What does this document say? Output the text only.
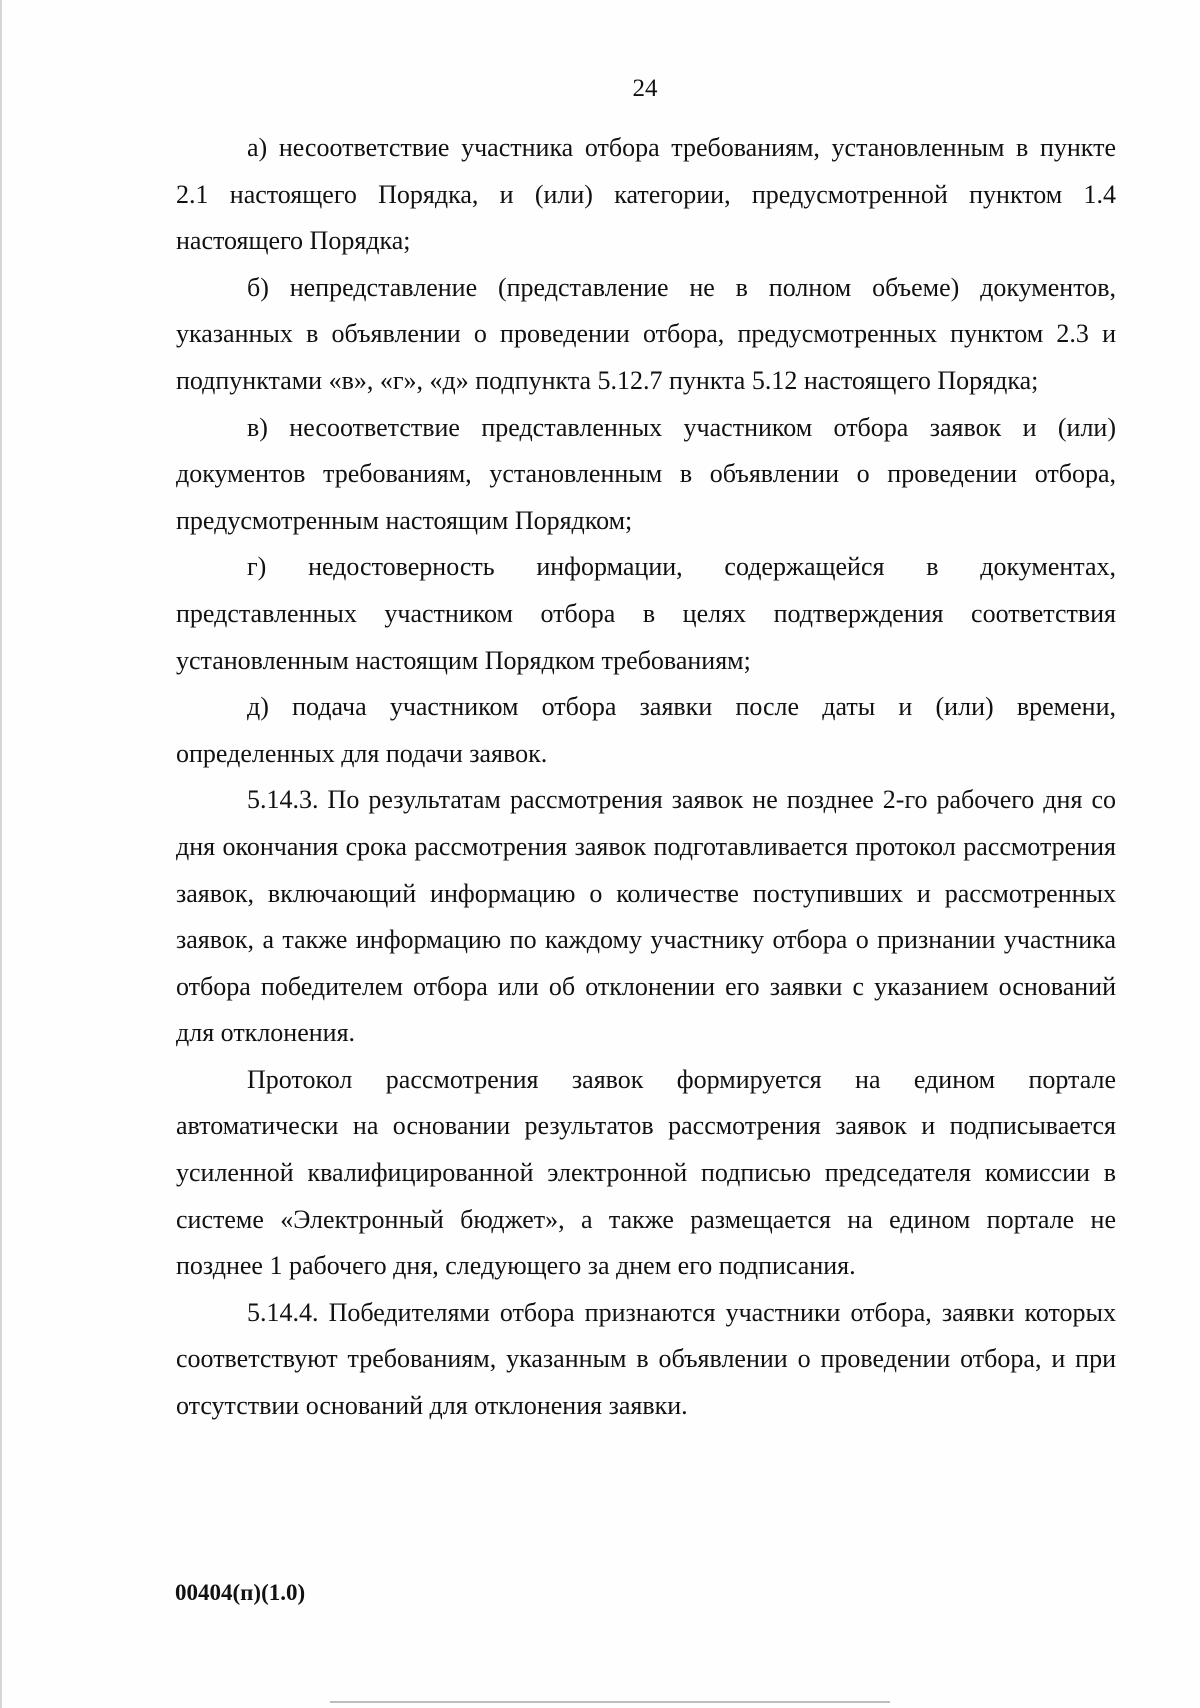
24

а) несоответствие участника отбора требованиям, установленным в пункте 2.1 настоящего Порядка, и (или) категории, предусмотренной пунктом 1.4 настоящего Порядка;

б) непредставление (представление не в полном объеме) документов, указанных в объявлении о проведении отбора, предусмотренных пунктом 2.3 и подпунктами «в», «г», «д» подпункта 5.12.7 пункта 5.12 настоящего Порядка;

в) несоответствие представленных участником отбора заявок и (или) документов требованиям, установленным в объявлении о проведении отбора, предусмотренным настоящим Порядком;

г) недостоверность информации, содержащейся в документах, представленных участником отбора в целях подтверждения соответствия установленным настоящим Порядком требованиям;

д) подача участником отбора заявки после даты и (или) времени, определенных для подачи заявок.

5.14.3. По результатам рассмотрения заявок не позднее 2-го рабочего дня со дня окончания срока рассмотрения заявок подготавливается протокол рассмотрения заявок, включающий информацию о количестве поступивших и рассмотренных заявок, а также информацию по каждому участнику отбора о признании участника отбора победителем отбора или об отклонении его заявки с указанием оснований для отклонения.

Протокол рассмотрения заявок формируется на едином портале автоматически на основании результатов рассмотрения заявок и подписывается усиленной квалифицированной электронной подписью председателя комиссии в системе «Электронный бюджет», а также размещается на едином портале не позднее 1 рабочего дня, следующего за днем его подписания.

5.14.4. Победителями отбора признаются участники отбора, заявки которых соответствуют требованиям, указанным в объявлении о проведении отбора, и при отсутствии оснований для отклонения заявки.

00404(п)(1.0)
